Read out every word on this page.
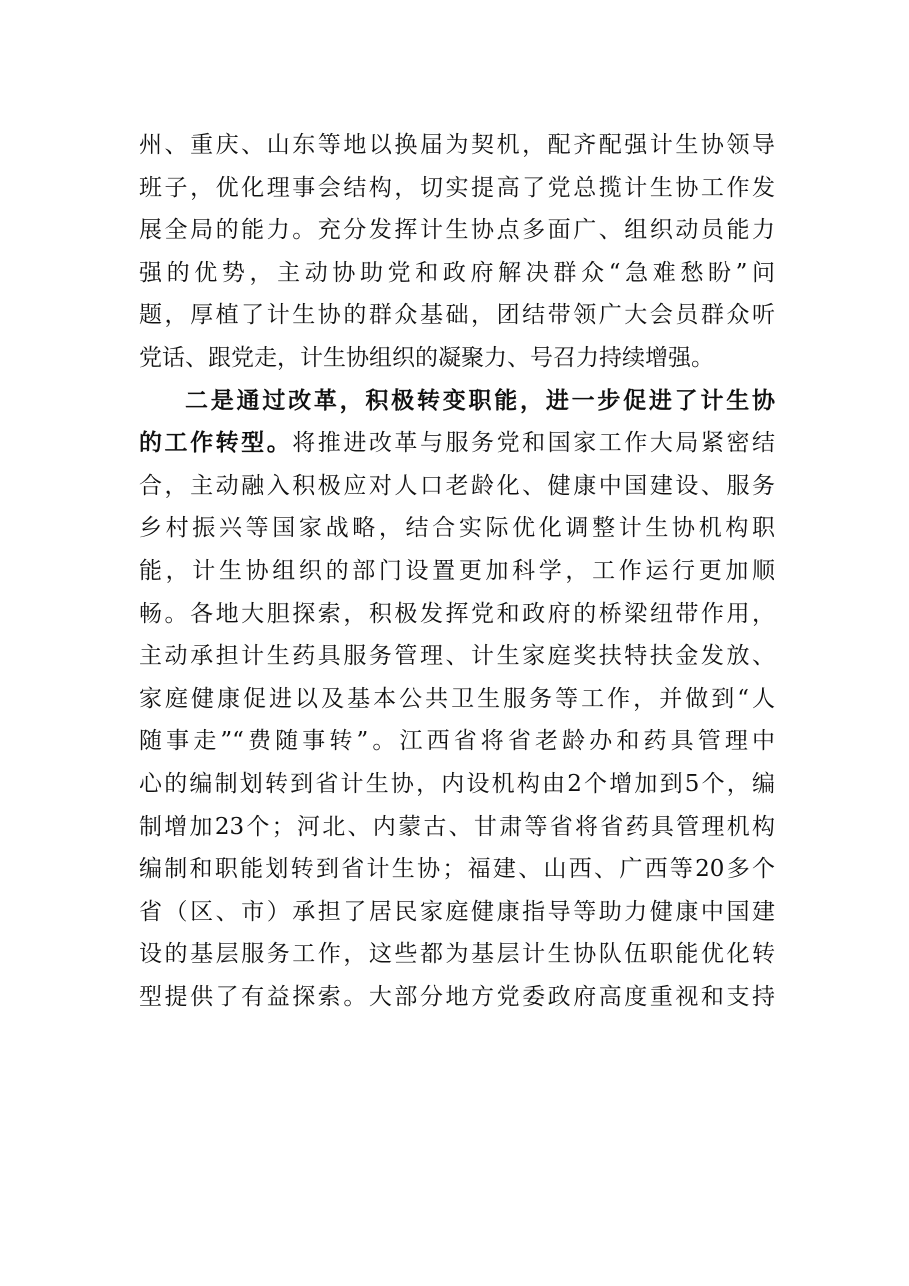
州、重庆、山东等地以换届为契机，配齐配强计生协领导
班子，优化理事会结构，切实提高了党总揽计生协工作发
展全局的能力。充分发挥计生协点多面广、组织动员能力
强的优势，主动协助党和政府解决群众“急难愁盼”问
题，厚植了计生协的群众基础，团结带领广大会员群众听
党话、跟党走，计生协组织的凝聚力、号召力持续增强。
二是通过改革，积极转变职能，进一步促进了计生协
的工作转型。将推进改革与服务党和国家工作大局紧密结
合，主动融入积极应对人口老龄化、健康中国建设、服务
乡村振兴等国家战略，结合实际优化调整计生协机构职
能，计生协组织的部门设置更加科学，工作运行更加顺
畅。各地大胆探索，积极发挥党和政府的桥梁纽带作用，
主动承担计生药具服务管理、计生家庭奖扶特扶金发放、
家庭健康促进以及基本公共卫生服务等工作，并做到“人
随事走”“费随事转”。江西省将省老龄办和药具管理中
心的编制划转到省计生协，内设机构由2个增加到5个，编
制增加23个；河北、内蒙古、甘肃等省将省药具管理机构
编制和职能划转到省计生协；福建、山西、广西等20多个
省（区、市）承担了居民家庭健康指导等助力健康中国建
设的基层服务工作，这些都为基层计生协队伍职能优化转
型提供了有益探索。大部分地方党委政府高度重视和支持
